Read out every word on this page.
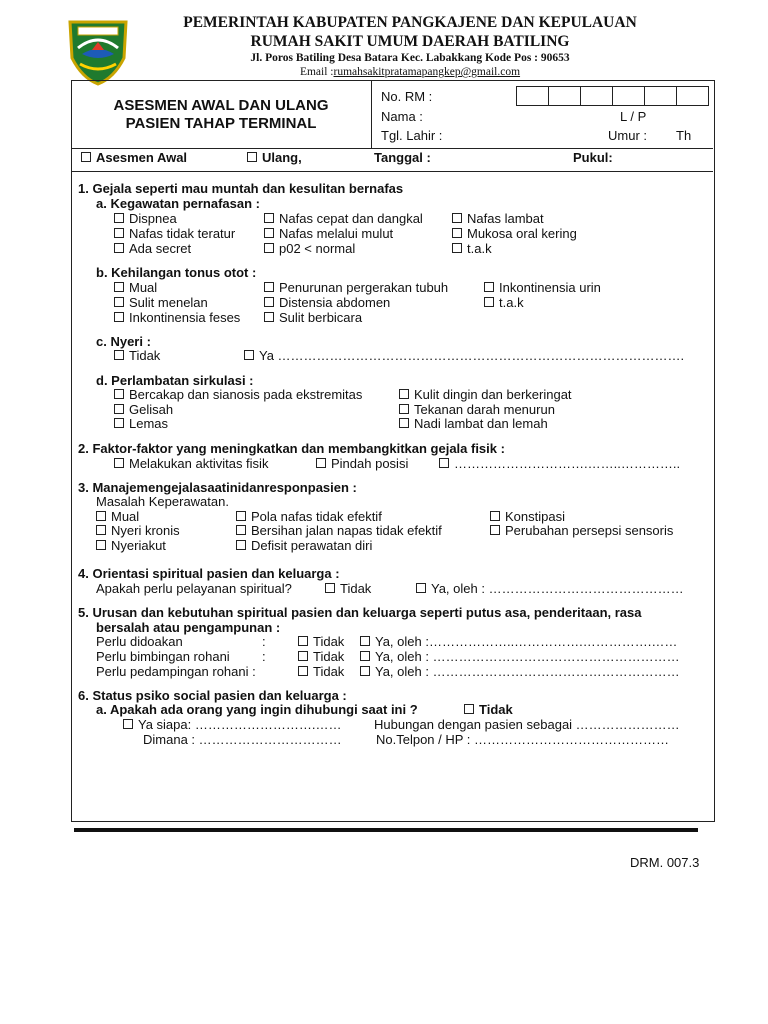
PEMERINTAH KABUPATEN PANGKAJENE DAN KEPULAUAN
RUMAH SAKIT UMUM DAERAH BATILING
Jl. Poros Batiling Desa Batara Kec. Labakkang Kode Pos : 90653
Email :rumahsakitpratamapangkep@gmail.com
ASESMEN AWAL DAN ULANG
PASIEN TAHAP TERMINAL
No. RM :
Nama :	L / P
Tgl. Lahir :	Umur : Th
Asesmen Awal	Ulang,	Tanggal :	Pukul:
1. Gejala seperti mau muntah dan kesulitan bernafas
a. Kegawatan pernafasan :
Dispnea	Nafas cepat dan dangkal	Nafas lambat
Nafas tidak teratur	Nafas melalui mulut	Mukosa oral kering
Ada secret	p02 < normal	t.a.k
b. Kehilangan tonus otot :
Mual	Penurunan pergerakan tubuh	Inkontinensia urin
Sulit menelan	Distensia abdomen	t.a.k
Inkontinensia feses	Sulit berbicara
c. Nyeri :
Tidak	Ya ………………………………………………………………………………….
d. Perlambatan sirkulasi :
Bercakap dan sianosis pada ekstremitas	Kulit dingin dan berkeringat
Gelisah	Tekanan darah menurun
Lemas	Nadi lambat dan lemah
2. Faktor-faktor yang meningkatkan dan membangkitkan gejala fisik :
Melakukan aktivitas fisik	Pindah posisi	………………………….……..…………..
3. Manajemengejalasaatinidanresponpasien :
Masalah Keperawatan.
Mual	Pola nafas tidak efektif	Konstipasi
Nyeri kronis	Bersihan jalan napas tidak efektif	Perubahan persepsi sensoris
Nyeriakut	Defisit perawatan diri
4. Orientasi spiritual pasien dan keluarga :
Apakah perlu pelayanan spiritual?	Tidak	Ya, oleh : ………………………………………
5. Urusan dan kebutuhan spiritual pasien dan keluarga seperti putus asa, penderitaan, rasa
bersalah atau pengampunan :
Perlu didoakan	:	Tidak	Ya, oleh :………………..…………….…………….……
Perlu bimbingan rohani :	Tidak	Ya, oleh : …………………………………………………
Perlu pedampingan rohani :	Tidak	Ya, oleh : …………………………………………………
6. Status psiko social pasien dan keluarga :
a. Apakah ada orang yang ingin dihubungi saat ini ?	Tidak
Ya siapa: ……………………….……	Hubungan dengan pasien sebagai ……………………
Dimana : ……………………………	No.Telpon / HP : ………………………………………
DRM. 007.3
